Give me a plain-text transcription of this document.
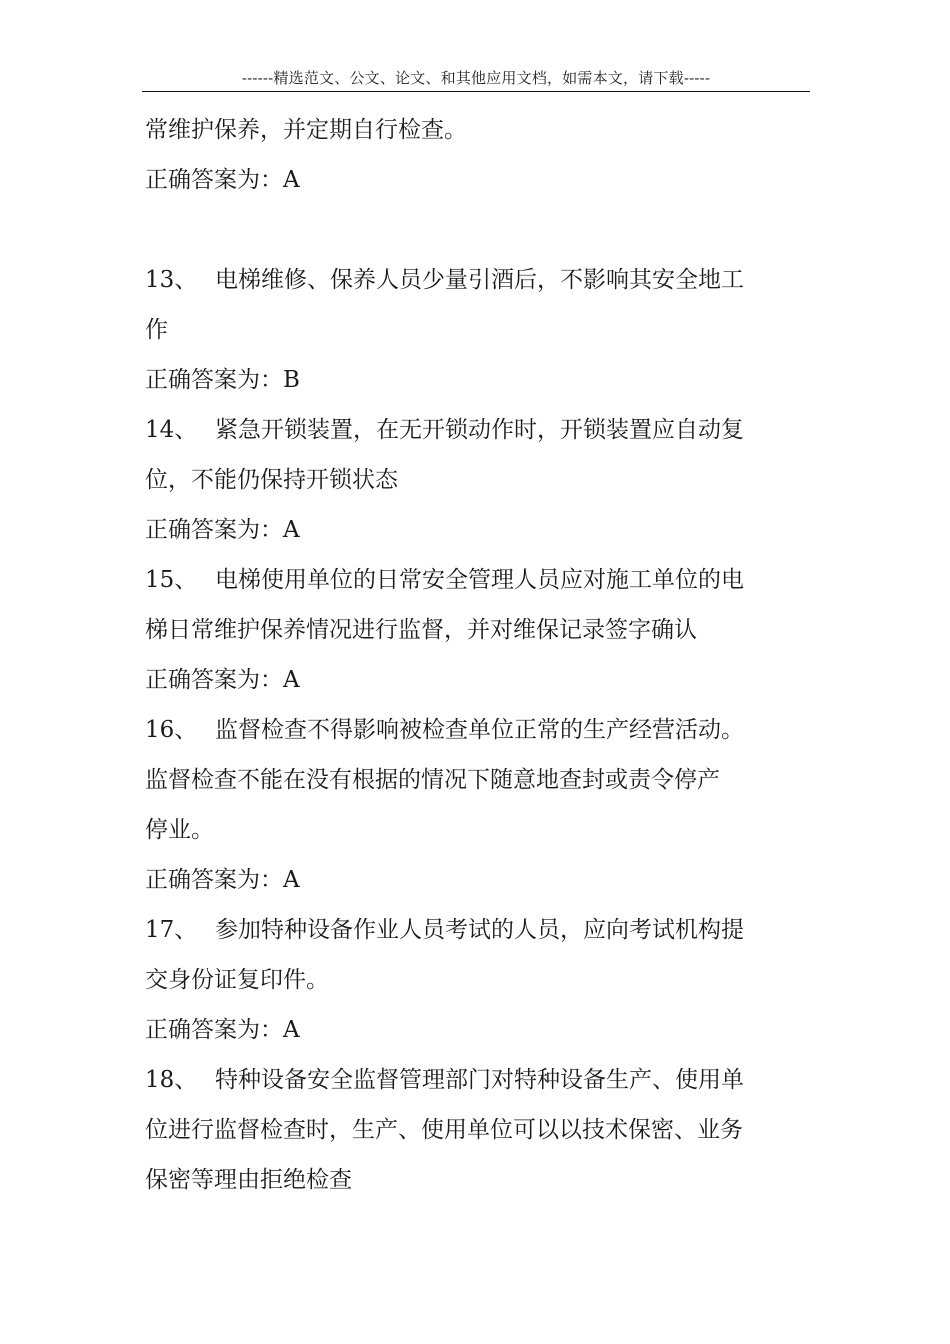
------精选范文、公文、论文、和其他应用文档，如需本文，请下载-----
常维护保养，并定期自行检查。
正确答案为：A
13、 电梯维修、保养人员少量引酒后，不影响其安全地工
作
正确答案为：B
14、 紧急开锁装置，在无开锁动作时，开锁装置应自动复
位，不能仍保持开锁状态
正确答案为：A
15、 电梯使用单位的日常安全管理人员应对施工单位的电
梯日常维护保养情况进行监督，并对维保记录签字确认
正确答案为：A
16、 监督检查不得影响被检查单位正常的生产经营活动。
监督检查不能在没有根据的情况下随意地查封或责令停产
停业。
正确答案为：A
17、 参加特种设备作业人员考试的人员，应向考试机构提
交身份证复印件。
正确答案为：A
18、 特种设备安全监督管理部门对特种设备生产、使用单
位进行监督检查时，生产、使用单位可以以技术保密、业务
保密等理由拒绝检查
